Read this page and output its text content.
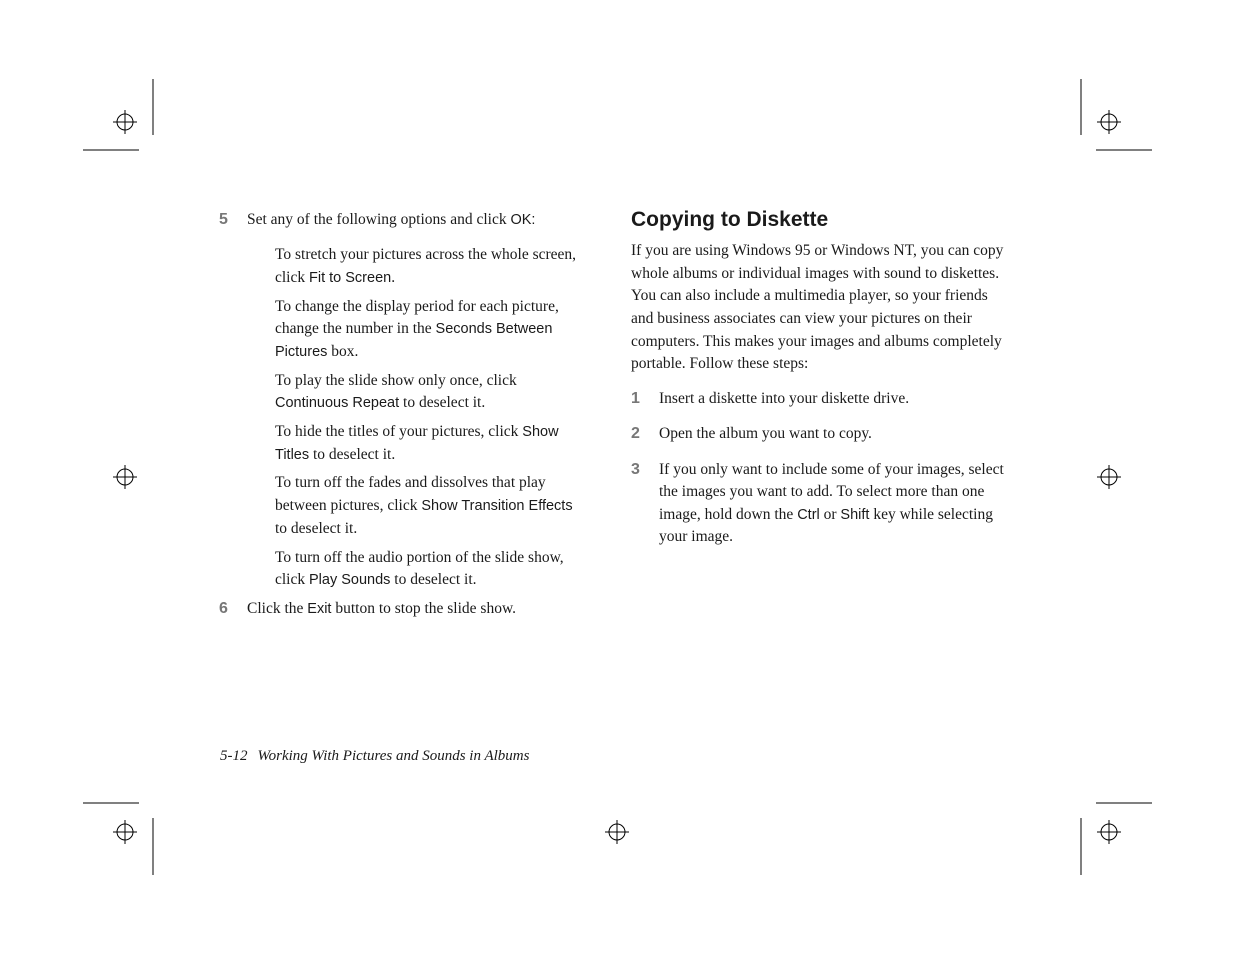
5 Set any of the following options and click OK:
To stretch your pictures across the whole screen,
click Fit to Screen.
To change the display period for each picture,
change the number in the Seconds Between
Pictures box.
To play the slide show only once, click
Continuous Repeat to deselect it.
To hide the titles of your pictures, click Show
Titles to deselect it.
To turn off the fades and dissolves that play
between pictures, click Show Transition Effects
to deselect it.
To turn off the audio portion of the slide show,
click Play Sounds to deselect it.
6 Click the Exit button to stop the slide show.
Copying to Diskette
If you are using Windows 95 or Windows NT, you can copy
whole albums or individual images with sound to diskettes.
You can also include a multimedia player, so your friends
and business associates can view your pictures on their
computers. This makes your images and albums completely
portable. Follow these steps:
1 Insert a diskette into your diskette drive.
2 Open the album you want to copy.
3 If you only want to include some of your images, select
the images you want to add. To select more than one
image, hold down the Ctrl or Shift key while selecting
your image.
5-12 Working With Pictures and Sounds in Albums
